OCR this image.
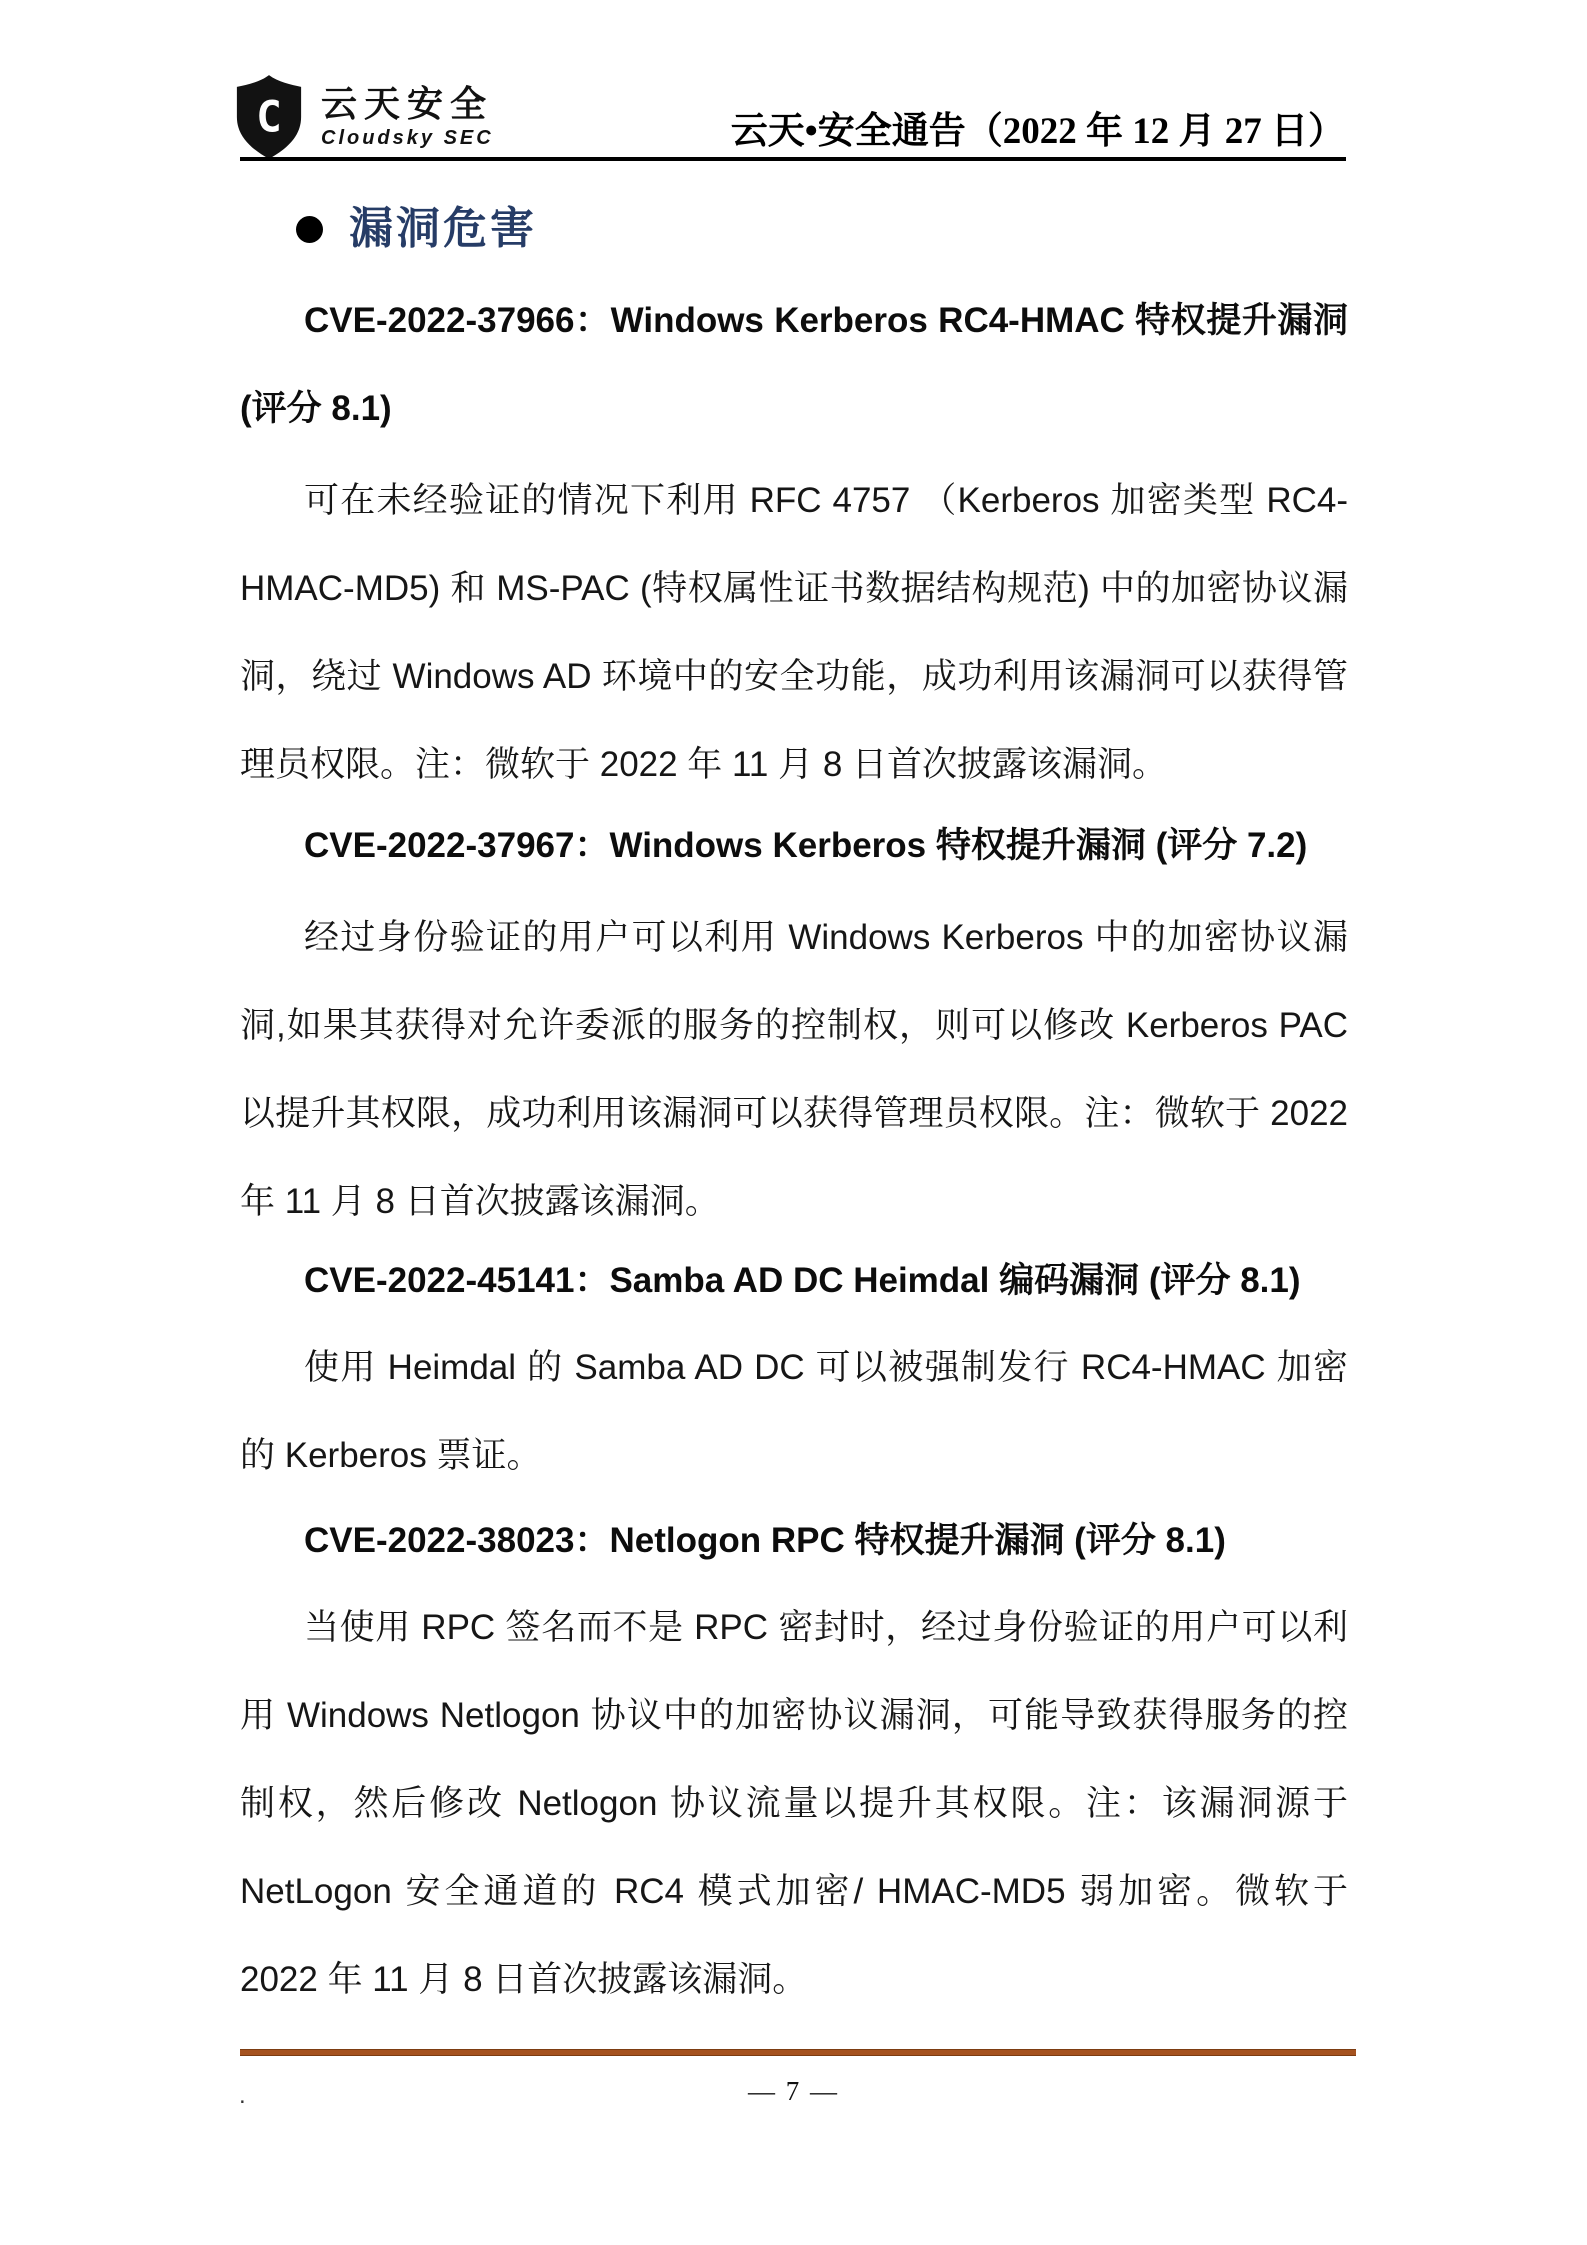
C 云天安全
Cloudsky SEC	云天•安全通告（2022 年 12 月 27 日）
漏洞危害
CVE-2022-37966：Windows Kerberos RC4-HMAC 特权提升漏洞 (评分 8.1)
可在未经验证的情况下利用 RFC 4757 （Kerberos 加密类型 RC4-HMAC-MD5) 和 MS-PAC (特权属性证书数据结构规范) 中的加密协议漏洞，绕过 Windows AD 环境中的安全功能，成功利用该漏洞可以获得管理员权限。注：微软于 2022 年 11 月 8 日首次披露该漏洞。
CVE-2022-37967：Windows Kerberos 特权提升漏洞 (评分 7.2)
经过身份验证的用户可以利用 Windows Kerberos 中的加密协议漏洞,如果其获得对允许委派的服务的控制权，则可以修改 Kerberos PAC 以提升其权限，成功利用该漏洞可以获得管理员权限。注：微软于 2022 年 11 月 8 日首次披露该漏洞。
CVE-2022-45141：Samba AD DC Heimdal 编码漏洞 (评分 8.1)
使用 Heimdal 的 Samba AD DC 可以被强制发行 RC4-HMAC 加密的 Kerberos 票证。
CVE-2022-38023：Netlogon RPC 特权提升漏洞 (评分 8.1)
当使用 RPC 签名而不是 RPC 密封时，经过身份验证的用户可以利用 Windows Netlogon 协议中的加密协议漏洞，可能导致获得服务的控制权，然后修改 Netlogon 协议流量以提升其权限。注：该漏洞源于 NetLogon 安全通道的 RC4 模式加密/ HMAC-MD5 弱加密。微软于 2022 年 11 月 8 日首次披露该漏洞。
.	— 7 —
